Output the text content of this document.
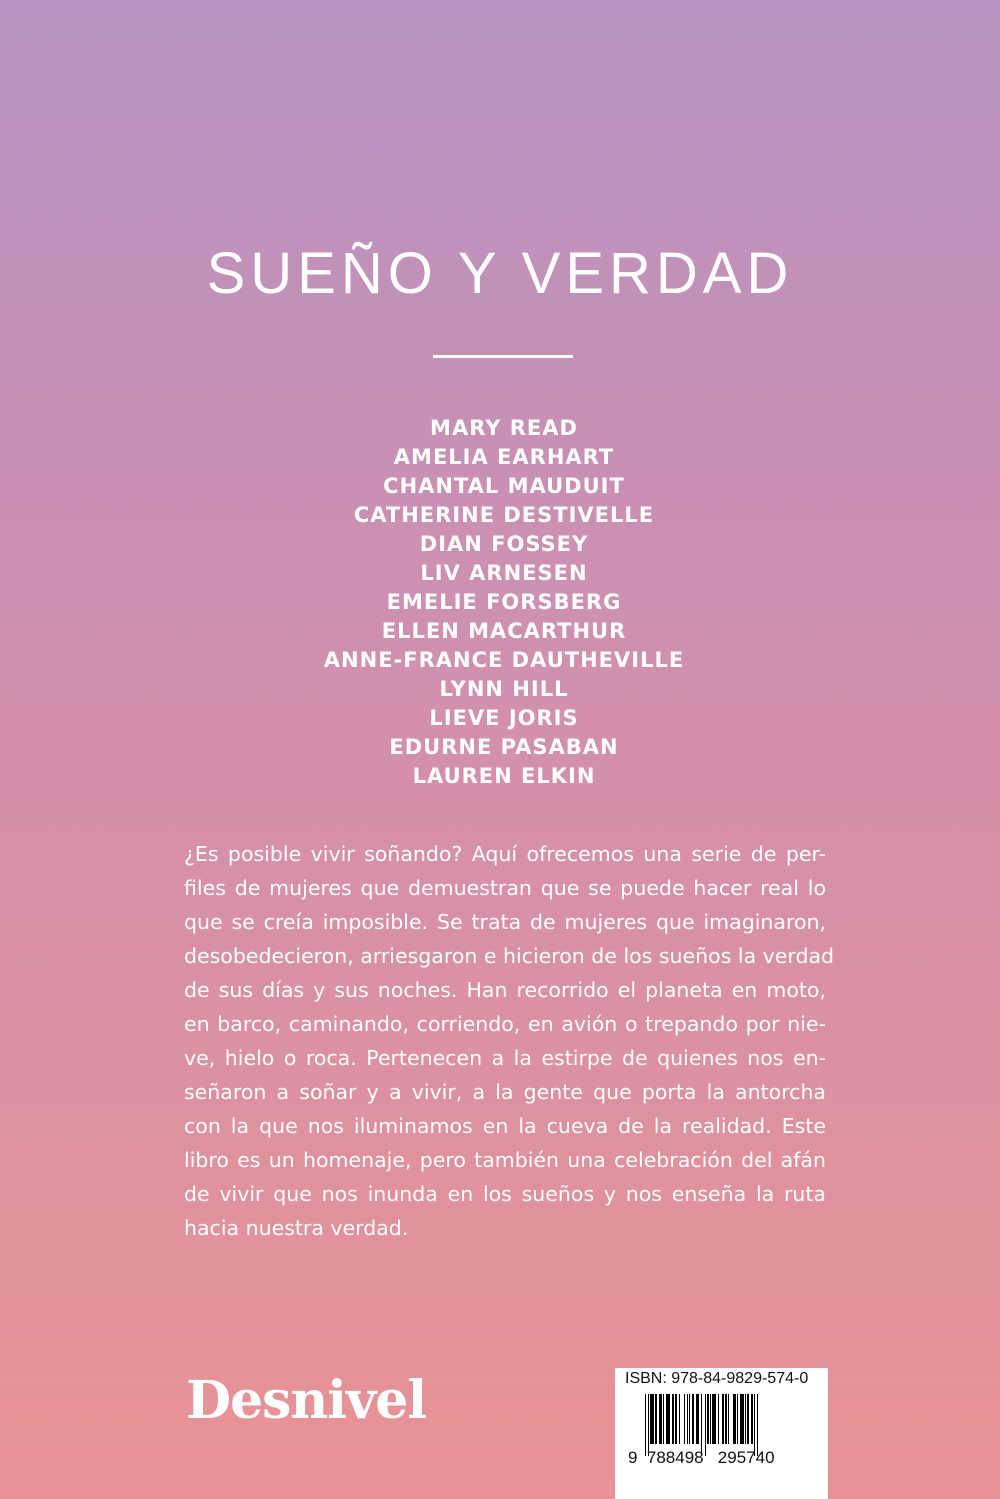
SUEÑO Y VERDAD
MARY READ
AMELIA EARHART
CHANTAL MAUDUIT
CATHERINE DESTIVELLE
DIAN FOSSEY
LIV ARNESEN
EMELIE FORSBERG
ELLEN MACARTHUR
ANNE-FRANCE DAUTHEVILLE
LYNN HILL
LIEVE JORIS
EDURNE PASABAN
LAUREN ELKIN
¿Es posible vivir soñando? Aquí ofrecemos una serie de per-
files de mujeres que demuestran que se puede hacer real lo
que se creía imposible. Se trata de mujeres que imaginaron,
desobedecieron, arriesgaron e hicieron de los sueños la verdad
de sus días y sus noches. Han recorrido el planeta en moto,
en barco, caminando, corriendo, en avión o trepando por nie-
ve, hielo o roca. Pertenecen a la estirpe de quienes nos en-
señaron a soñar y a vivir, a la gente que porta la antorcha
con la que nos iluminamos en la cueva de la realidad. Este
libro es un homenaje, pero también una celebración del afán
de vivir que nos inunda en los sueños y nos enseña la ruta
hacia nuestra verdad.
Desnivel	ISBN: 978-84-9829-574-0
9  788498   295740
